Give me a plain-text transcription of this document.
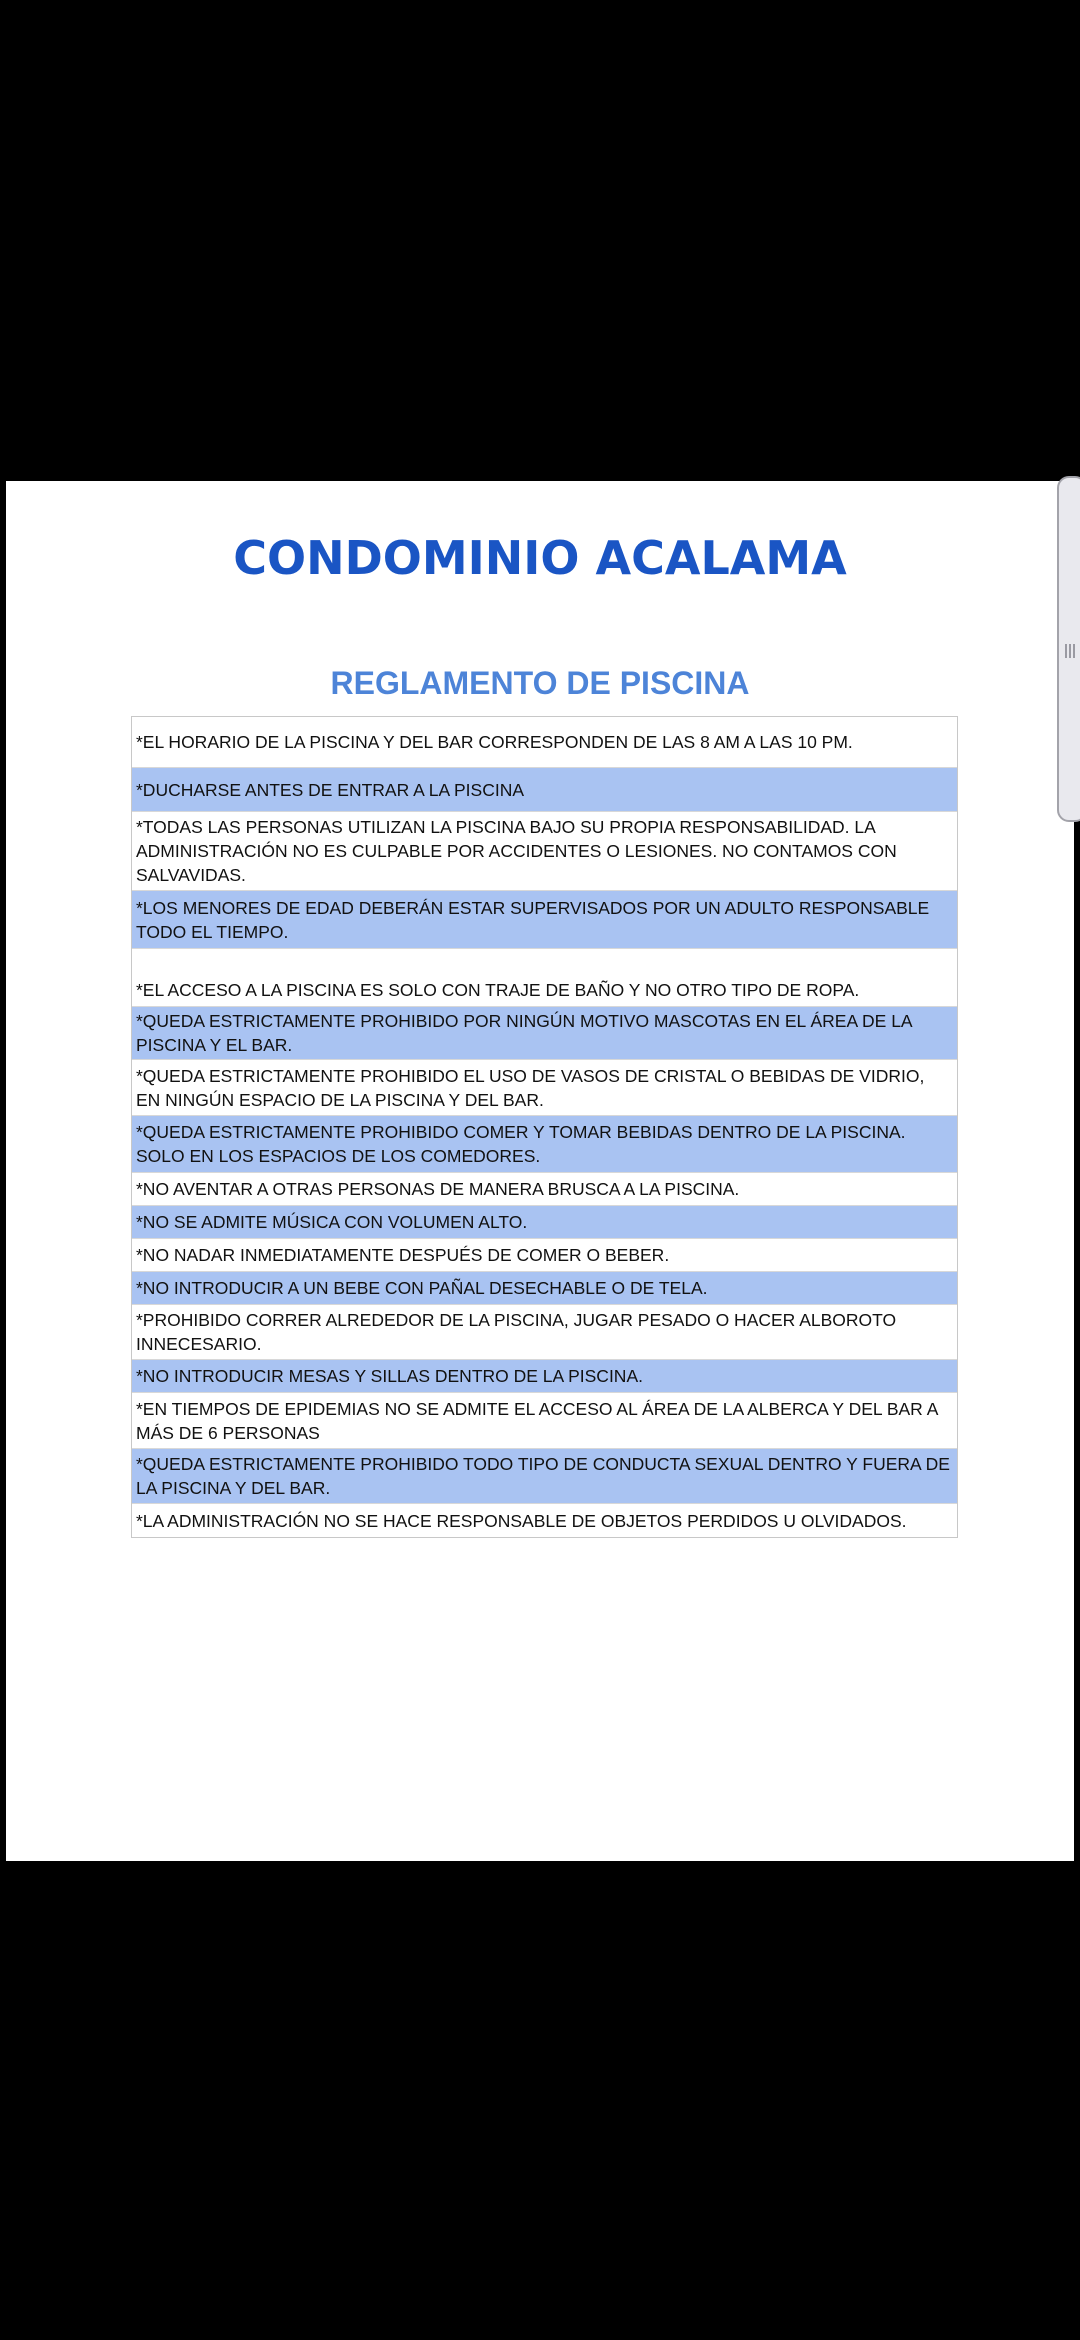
CONDOMINIO ACALAMA
REGLAMENTO DE PISCINA
*EL HORARIO DE LA PISCINA Y DEL BAR CORRESPONDEN DE LAS 8 AM A LAS 10 PM.
*DUCHARSE ANTES DE ENTRAR A LA PISCINA
*TODAS LAS PERSONAS UTILIZAN LA PISCINA BAJO SU PROPIA RESPONSABILIDAD. LA ADMINISTRACIÓN NO ES CULPABLE POR ACCIDENTES O LESIONES. NO CONTAMOS CON SALVAVIDAS.
*LOS MENORES DE EDAD DEBERÁN ESTAR SUPERVISADOS POR UN ADULTO RESPONSABLE TODO EL TIEMPO.
*EL ACCESO A LA PISCINA ES SOLO CON TRAJE DE BAÑO Y NO OTRO TIPO DE ROPA.
*QUEDA ESTRICTAMENTE PROHIBIDO POR NINGÚN MOTIVO MASCOTAS EN EL ÁREA DE LA PISCINA Y EL BAR.
*QUEDA ESTRICTAMENTE PROHIBIDO EL USO DE VASOS DE CRISTAL O BEBIDAS DE VIDRIO, EN NINGÚN ESPACIO DE LA PISCINA Y DEL BAR.
*QUEDA ESTRICTAMENTE PROHIBIDO COMER Y TOMAR BEBIDAS DENTRO DE LA PISCINA. SOLO EN LOS ESPACIOS DE LOS COMEDORES.
*NO AVENTAR A OTRAS PERSONAS DE MANERA BRUSCA A LA PISCINA.
*NO SE ADMITE MÚSICA CON VOLUMEN ALTO.
*NO NADAR INMEDIATAMENTE DESPUÉS DE COMER O BEBER.
*NO INTRODUCIR A UN BEBE CON PAÑAL DESECHABLE O DE TELA.
*PROHIBIDO CORRER ALREDEDOR DE LA PISCINA, JUGAR PESADO O HACER ALBOROTO INNECESARIO.
*NO INTRODUCIR MESAS Y SILLAS DENTRO DE LA PISCINA.
*EN TIEMPOS DE EPIDEMIAS NO SE ADMITE EL ACCESO AL ÁREA DE LA ALBERCA Y DEL BAR A MÁS DE 6 PERSONAS
*QUEDA ESTRICTAMENTE PROHIBIDO TODO TIPO DE CONDUCTA SEXUAL DENTRO Y FUERA DE LA PISCINA Y DEL BAR.
*LA ADMINISTRACIÓN NO SE HACE RESPONSABLE DE OBJETOS PERDIDOS U OLVIDADOS.
